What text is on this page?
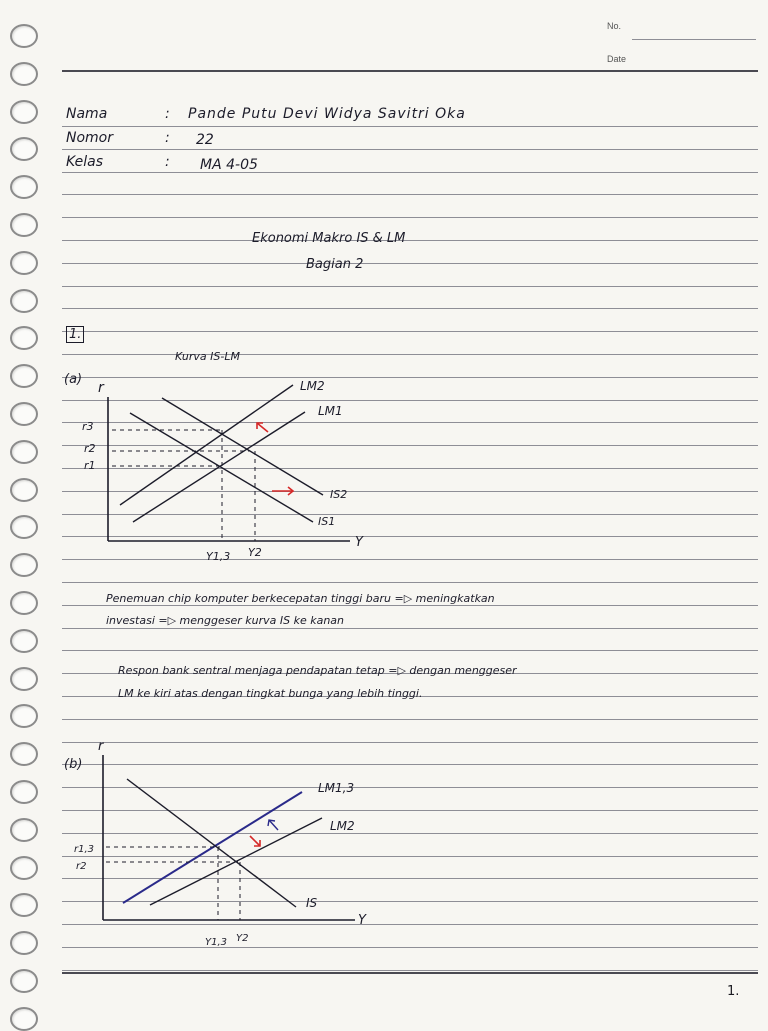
No.
Date
Nama	: Pande Putu Devi Widya Savitri Oka
Nomor	: 22
Kelas	: MA 4-05
Ekonomi Makro IS & LM
Bagian 2
1.
Kurva IS-LM
(a)
r
Y
LM2
LM1
IS2
IS1
r3
r2
r1
Y1,3 Y2
Penemuan chip komputer berkecepatan tinggi baru =▷ meningkatkan
investasi =▷ menggeser kurva IS ke kanan
Respon bank sentral menjaga pendapatan tetap =▷ dengan menggeser
LM ke kiri atas dengan tingkat bunga yang lebih tinggi.
(b)
r
Y
LM1,3
LM2
IS
r1,3
r2
Y1,3 Y2
1.
